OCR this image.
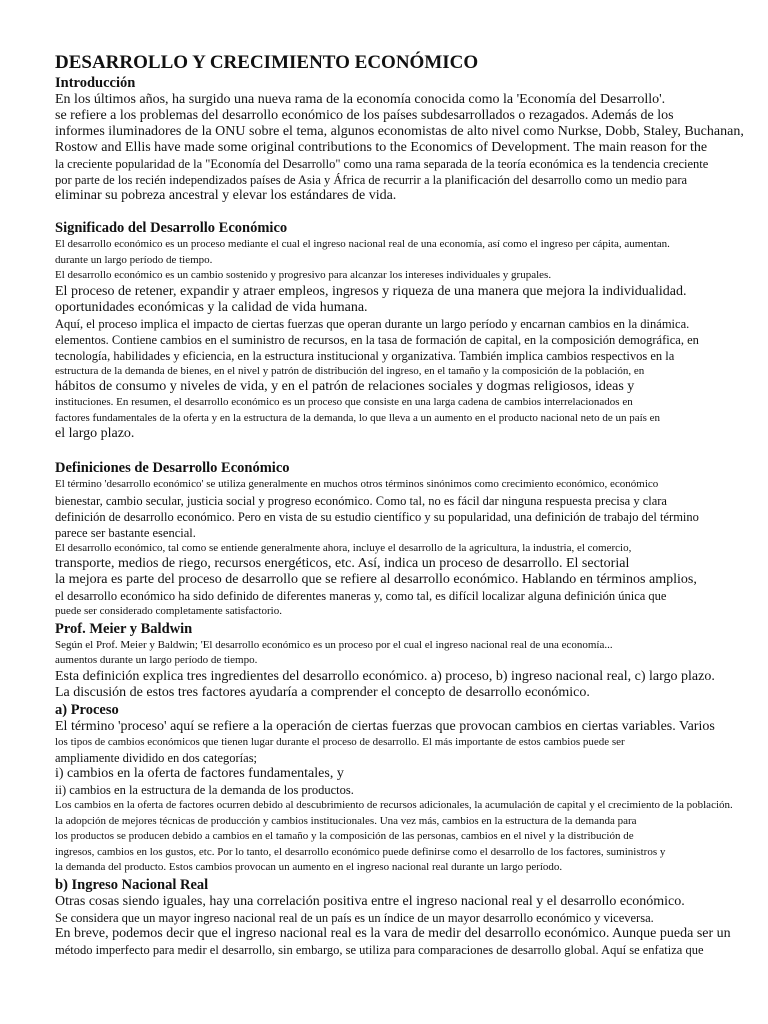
DESARROLLO Y CRECIMIENTO ECONÓMICO
Introducción
En los últimos años, ha surgido una nueva rama de la economía conocida como la 'Economía del Desarrollo'.
se refiere a los problemas del desarrollo económico de los países subdesarrollados o rezagados. Además de los
informes iluminadores de la ONU sobre el tema, algunos economistas de alto nivel como Nurkse, Dobb, Staley, Buchanan,
Rostow and Ellis have made some original contributions to the Economics of Development. The main reason for the
la creciente popularidad de la "Economía del Desarrollo" como una rama separada de la teoría económica es la tendencia creciente
por parte de los recién independizados países de Asia y África de recurrir a la planificación del desarrollo como un medio para
eliminar su pobreza ancestral y elevar los estándares de vida.
Significado del Desarrollo Económico
El desarrollo económico es un proceso mediante el cual el ingreso nacional real de una economía, así como el ingreso per cápita, aumentan.
durante un largo período de tiempo.
El desarrollo económico es un cambio sostenido y progresivo para alcanzar los intereses individuales y grupales.
El proceso de retener, expandir y atraer empleos, ingresos y riqueza de una manera que mejora la individualidad.
oportunidades económicas y la calidad de vida humana.
Aquí, el proceso implica el impacto de ciertas fuerzas que operan durante un largo período y encarnan cambios en la dinámica.
elementos. Contiene cambios en el suministro de recursos, en la tasa de formación de capital, en la composición demográfica, en
tecnología, habilidades y eficiencia, en la estructura institucional y organizativa. También implica cambios respectivos en la
estructura de la demanda de bienes, en el nivel y patrón de distribución del ingreso, en el tamaño y la composición de la población, en
hábitos de consumo y niveles de vida, y en el patrón de relaciones sociales y dogmas religiosos, ideas y
instituciones. En resumen, el desarrollo económico es un proceso que consiste en una larga cadena de cambios interrelacionados en
factores fundamentales de la oferta y en la estructura de la demanda, lo que lleva a un aumento en el producto nacional neto de un país en
el largo plazo.
Definiciones de Desarrollo Económico
El término 'desarrollo económico' se utiliza generalmente en muchos otros términos sinónimos como crecimiento económico, económico
bienestar, cambio secular, justicia social y progreso económico. Como tal, no es fácil dar ninguna respuesta precisa y clara
definición de desarrollo económico. Pero en vista de su estudio científico y su popularidad, una definición de trabajo del término
parece ser bastante esencial.
El desarrollo económico, tal como se entiende generalmente ahora, incluye el desarrollo de la agricultura, la industria, el comercio,
transporte, medios de riego, recursos energéticos, etc. Así, indica un proceso de desarrollo. El sectorial
la mejora es parte del proceso de desarrollo que se refiere al desarrollo económico. Hablando en términos amplios,
el desarrollo económico ha sido definido de diferentes maneras y, como tal, es difícil localizar alguna definición única que
puede ser considerado completamente satisfactorio.
Prof. Meier y Baldwin
Según el Prof. Meier y Baldwin; 'El desarrollo económico es un proceso por el cual el ingreso nacional real de una economía...
aumentos durante un largo período de tiempo.
Esta definición explica tres ingredientes del desarrollo económico. a) proceso, b) ingreso nacional real, c) largo plazo.
La discusión de estos tres factores ayudaría a comprender el concepto de desarrollo económico.
a) Proceso
El término 'proceso' aquí se refiere a la operación de ciertas fuerzas que provocan cambios en ciertas variables. Varios
los tipos de cambios económicos que tienen lugar durante el proceso de desarrollo. El más importante de estos cambios puede ser
ampliamente dividido en dos categorías;
i) cambios en la oferta de factores fundamentales, y
ii) cambios en la estructura de la demanda de los productos.
Los cambios en la oferta de factores ocurren debido al descubrimiento de recursos adicionales, la acumulación de capital y el crecimiento de la población.
la adopción de mejores técnicas de producción y cambios institucionales. Una vez más, cambios en la estructura de la demanda para
los productos se producen debido a cambios en el tamaño y la composición de las personas, cambios en el nivel y la distribución de
ingresos, cambios en los gustos, etc. Por lo tanto, el desarrollo económico puede definirse como el desarrollo de los factores, suministros y
la demanda del producto. Estos cambios provocan un aumento en el ingreso nacional real durante un largo período.
b) Ingreso Nacional Real
Otras cosas siendo iguales, hay una correlación positiva entre el ingreso nacional real y el desarrollo económico.
Se considera que un mayor ingreso nacional real de un país es un índice de un mayor desarrollo económico y viceversa.
En breve, podemos decir que el ingreso nacional real es la vara de medir del desarrollo económico. Aunque pueda ser un
método imperfecto para medir el desarrollo, sin embargo, se utiliza para comparaciones de desarrollo global. Aquí se enfatiza que
